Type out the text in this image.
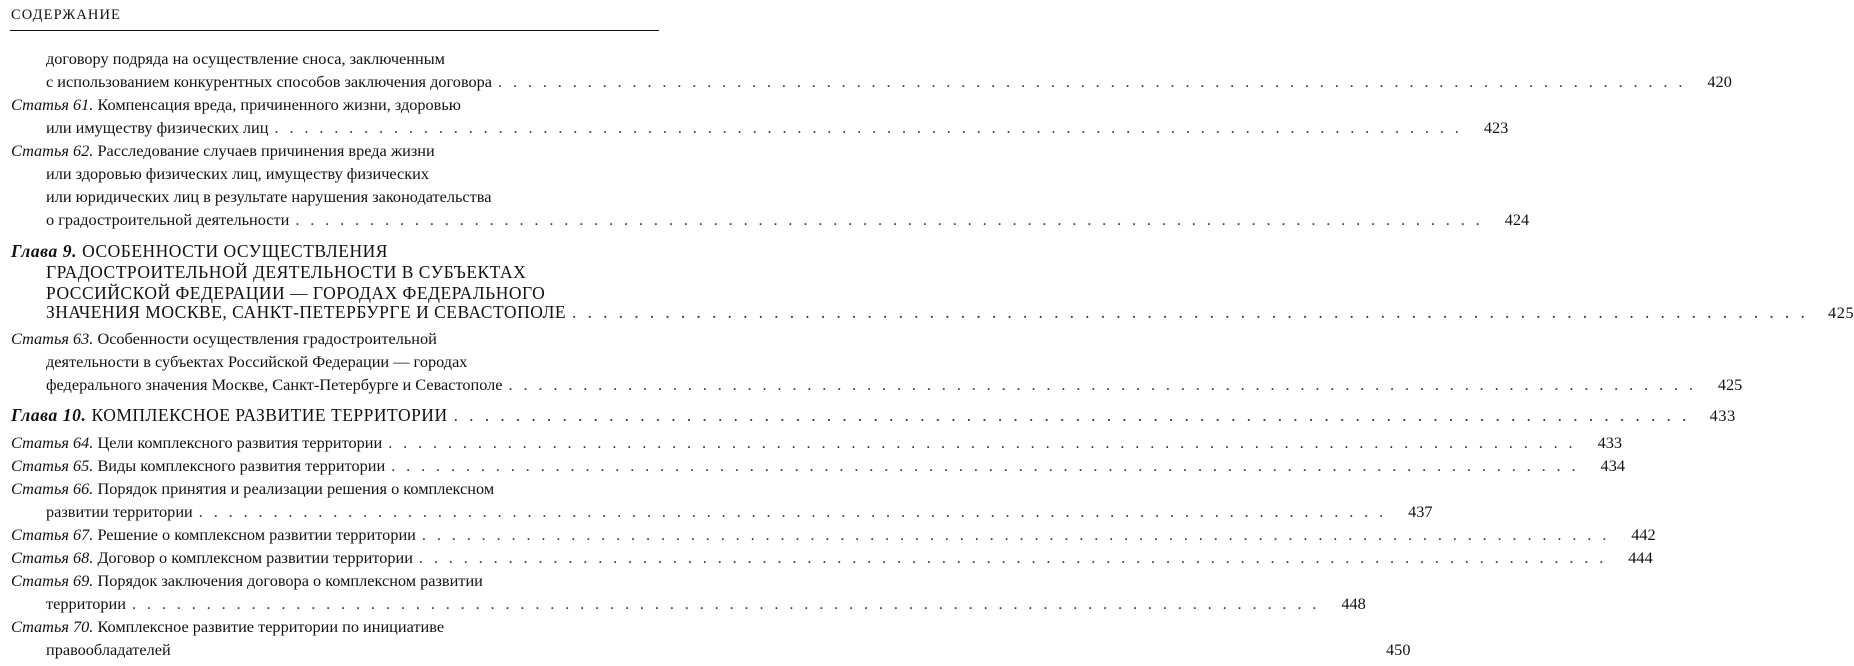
СОДЕРЖАНИЕ
договору подряда на осуществление сноса, заключенным
с использованием конкурентных способов заключения договора . . . . . . . . . . . . . . . . . . . . . . . . . . . . . . . . . . . . . . . . . . . . . . . . . . . . . . . . . . . . . . . . . . . . . . . . . . . . . . . .	420
Статья 61. Компенсация вреда, причиненного жизни, здоровью
или имуществу физических лиц . . . . . . . . . . . . . . . . . . . . . . . . . . . . . . . . . . . . . . . . . . . . . . . . . . . . . . . . . . . . . . . . . . . . . . . . . . . . . . . .	423
Статья 62. Расследование случаев причинения вреда жизни
или здоровью физических лиц, имуществу физических
или юридических лиц в результате нарушения законодательства
о градостроительной деятельности . . . . . . . . . . . . . . . . . . . . . . . . . . . . . . . . . . . . . . . . . . . . . . . . . . . . . . . . . . . . . . . . . . . . . . . . . . . . . . . .	424
Глава 9. ОСОБЕННОСТИ ОСУЩЕСТВЛЕНИЯ
ГРАДОСТРОИТЕЛЬНОЙ ДЕЯТЕЛЬНОСТИ В СУБЪЕКТАХ
РОССИЙСКОЙ ФЕДЕРАЦИИ — ГОРОДАХ ФЕДЕРАЛЬНОГО
ЗНАЧЕНИЯ МОСКВЕ, САНКТ-ПЕТЕРБУРГЕ И СЕВАСТОПОЛЕ . . . . . . . . . . . . . . . . . . . . . . . . . . . . . . . . . . . . . . . . . . . . . . . . . . . . . . . . . . . . . . . . . . . . . . . . . . . . . . . .	425
Статья 63. Особенности осуществления градостроительной
деятельности в субъектах Российской Федерации — городах
федерального значения Москве, Санкт-Петербурге и Севастополе . . . . . . . . . . . . . . . . . . . . . . . . . . . . . . . . . . . . . . . . . . . . . . . . . . . . . . . . . . . . . . . . . . . . . . . . . . . . . . . .	425
Глава 10. КОМПЛЕКСНОЕ РАЗВИТИЕ ТЕРРИТОРИИ . . . . . . . . . . . . . . . . . . . . . . . . . . . . . . . . . . . . . . . . . . . . . . . . . . . . . . . . . . . . . . . . . . . . . . . . . . . . . . . .	433
Статья 64. Цели комплексного развития территории . . . . . . . . . . . . . . . . . . . . . . . . . . . . . . . . . . . . . . . . . . . . . . . . . . . . . . . . . . . . . . . . . . . . . . . . . . . . . . . .	433
Статья 65. Виды комплексного развития территории . . . . . . . . . . . . . . . . . . . . . . . . . . . . . . . . . . . . . . . . . . . . . . . . . . . . . . . . . . . . . . . . . . . . . . . . . . . . . . . .	434
Статья 66. Порядок принятия и реализации решения о комплексном
развитии территории . . . . . . . . . . . . . . . . . . . . . . . . . . . . . . . . . . . . . . . . . . . . . . . . . . . . . . . . . . . . . . . . . . . . . . . . . . . . . . . .	437
Статья 67. Решение о комплексном развитии территории . . . . . . . . . . . . . . . . . . . . . . . . . . . . . . . . . . . . . . . . . . . . . . . . . . . . . . . . . . . . . . . . . . . . . . . . . . . . . . . .	442
Статья 68. Договор о комплексном развитии территории . . . . . . . . . . . . . . . . . . . . . . . . . . . . . . . . . . . . . . . . . . . . . . . . . . . . . . . . . . . . . . . . . . . . . . . . . . . . . . . .	444
Статья 69. Порядок заключения договора о комплексном развитии
территории . . . . . . . . . . . . . . . . . . . . . . . . . . . . . . . . . . . . . . . . . . . . . . . . . . . . . . . . . . . . . . . . . . . . . . . . . . . . . . . .	448
Статья 70. Комплексное развитие территории по инициативе
правообладателей	450
